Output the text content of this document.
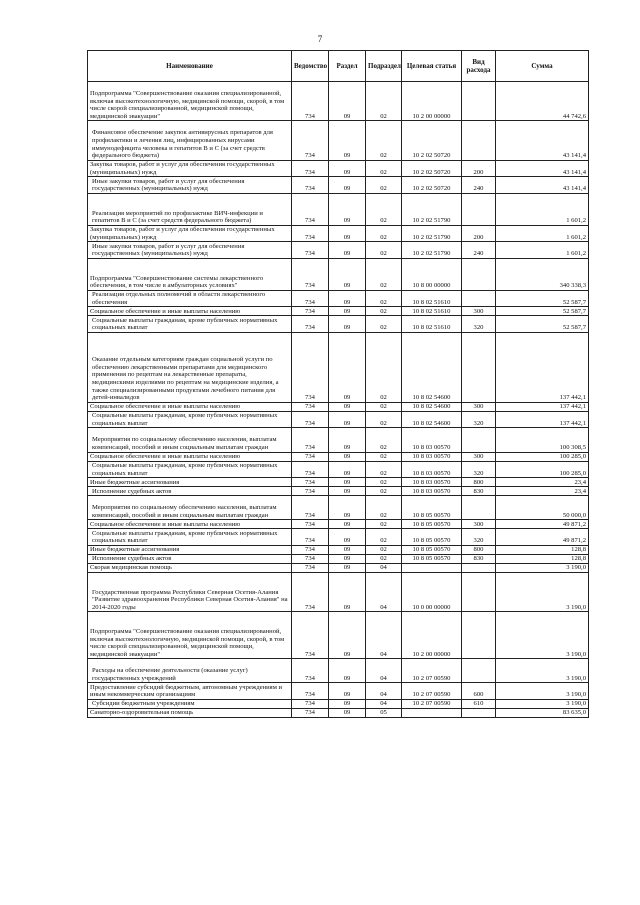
7
Наименование	Ведомство	Раздел	Подраздел	Целевая статья	Вид расхода	Сумма
Подпрограмма "Совершенствование оказания специализированной, включая высокотехнологичную, медицинской помощи, скорой, в том числе скорой специализированной, медицинской помощи, медицинской эвакуации"	734	09	02	10 2 00 00000		44 742,6
Финансовое обеспечение закупок антивирусных препаратов для профилактики и лечения лиц, инфицированных вирусами иммунодефицита человека и гепатитов В и С (за счет средств федерального бюджета)	734	09	02	10 2 02 50720		43 141,4
Закупка товаров, работ и услуг для обеспечения государственных (муниципальных) нужд	734	09	02	10 2 02 50720	200	43 141,4
Иные закупки товаров, работ и услуг для обеспечения государственных (муниципальных) нужд	734	09	02	10 2 02 50720	240	43 141,4
Реализация мероприятий по профилактике ВИЧ-инфекции и гепатитов В и С (за счет средств федерального бюджета)	734	09	02	10 2 02 51790		1 601,2
Закупка товаров, работ и услуг для обеспечения государственных (муниципальных) нужд	734	09	02	10 2 02 51790	200	1 601,2
Иные закупки товаров, работ и услуг для обеспечения государственных (муниципальных) нужд	734	09	02	10 2 02 51790	240	1 601,2
Подпрограмма "Совершенствование системы лекарственного обеспечения, в том числе в амбулаторных условиях"	734	09	02	10 8 00 00000		340 338,3
Реализация отдельных полномочий в области лекарственного обеспечения	734	09	02	10 8 02 51610		52 587,7
Социальное обеспечение и иные выплаты населению	734	09	02	10 8 02 51610	300	52 587,7
Социальные выплаты гражданам, кроме публичных нормативных социальных выплат	734	09	02	10 8 02 51610	320	52 587,7
Оказание отдельным категориям граждан социальной услуги по обеспечению лекарственными препаратами для медицинского применения по рецептам на лекарственные препараты, медицинскими изделиями по рецептам на медицинские изделия, а также специализированными продуктами лечебного питания для детей-инвалидов	734	09	02	10 8 02 54600		137 442,1
Социальное обеспечение и иные выплаты населению	734	09	02	10 8 02 54600	300	137 442,1
Социальные выплаты гражданам, кроме публичных нормативных социальных выплат	734	09	02	10 8 02 54600	320	137 442,1
Мероприятия по социальному обеспечению населения, выплатам компенсаций, пособий и иным социальным выплатам граждан	734	09	02	10 8 03 00570		100 308,5
Социальное обеспечение и иные выплаты населению	734	09	02	10 8 03 00570	300	100 285,0
Социальные выплаты гражданам, кроме публичных нормативных социальных выплат	734	09	02	10 8 03 00570	320	100 285,0
Иные бюджетные ассигнования	734	09	02	10 8 03 00570	800	23,4
Исполнение судебных актов	734	09	02	10 8 03 00570	830	23,4
Мероприятия по социальному обеспечению населения, выплатам компенсаций, пособий и иным социальным выплатам граждан	734	09	02	10 8 05 00570		50 000,0
Социальное обеспечение и иные выплаты населению	734	09	02	10 8 05 00570	300	49 871,2
Социальные выплаты гражданам, кроме публичных нормативных социальных выплат	734	09	02	10 8 05 00570	320	49 871,2
Иные бюджетные ассигнования	734	09	02	10 8 05 00570	800	128,8
Исполнение судебных актов	734	09	02	10 8 05 00570	830	128,8
Скорая медицинская помощь	734	09	04			3 190,0
Государственная программа Республики Северная Осетия-Алания "Развитие здравоохранения Республики Северная Осетия-Алания" на 2014-2020 годы	734	09	04	10 0 00 00000		3 190,0
Подпрограмма "Совершенствование оказания специализированной, включая высокотехнологичную, медицинской помощи, скорой, в том числе скорой специализированной, медицинской помощи, медицинской эвакуации"	734	09	04	10 2 00 00000		3 190,0
Расходы на обеспечение деятельности (оказание услуг) государственных учреждений	734	09	04	10 2 07 00590		3 190,0
Предоставление субсидий бюджетным, автономным учреждениям и иным некоммерческим организациям	734	09	04	10 2 07 00590	600	3 190,0
Субсидии бюджетным учреждениям	734	09	04	10 2 07 00590	610	3 190,0
Санаторно-оздоровительная помощь	734	09	05			83 635,0
